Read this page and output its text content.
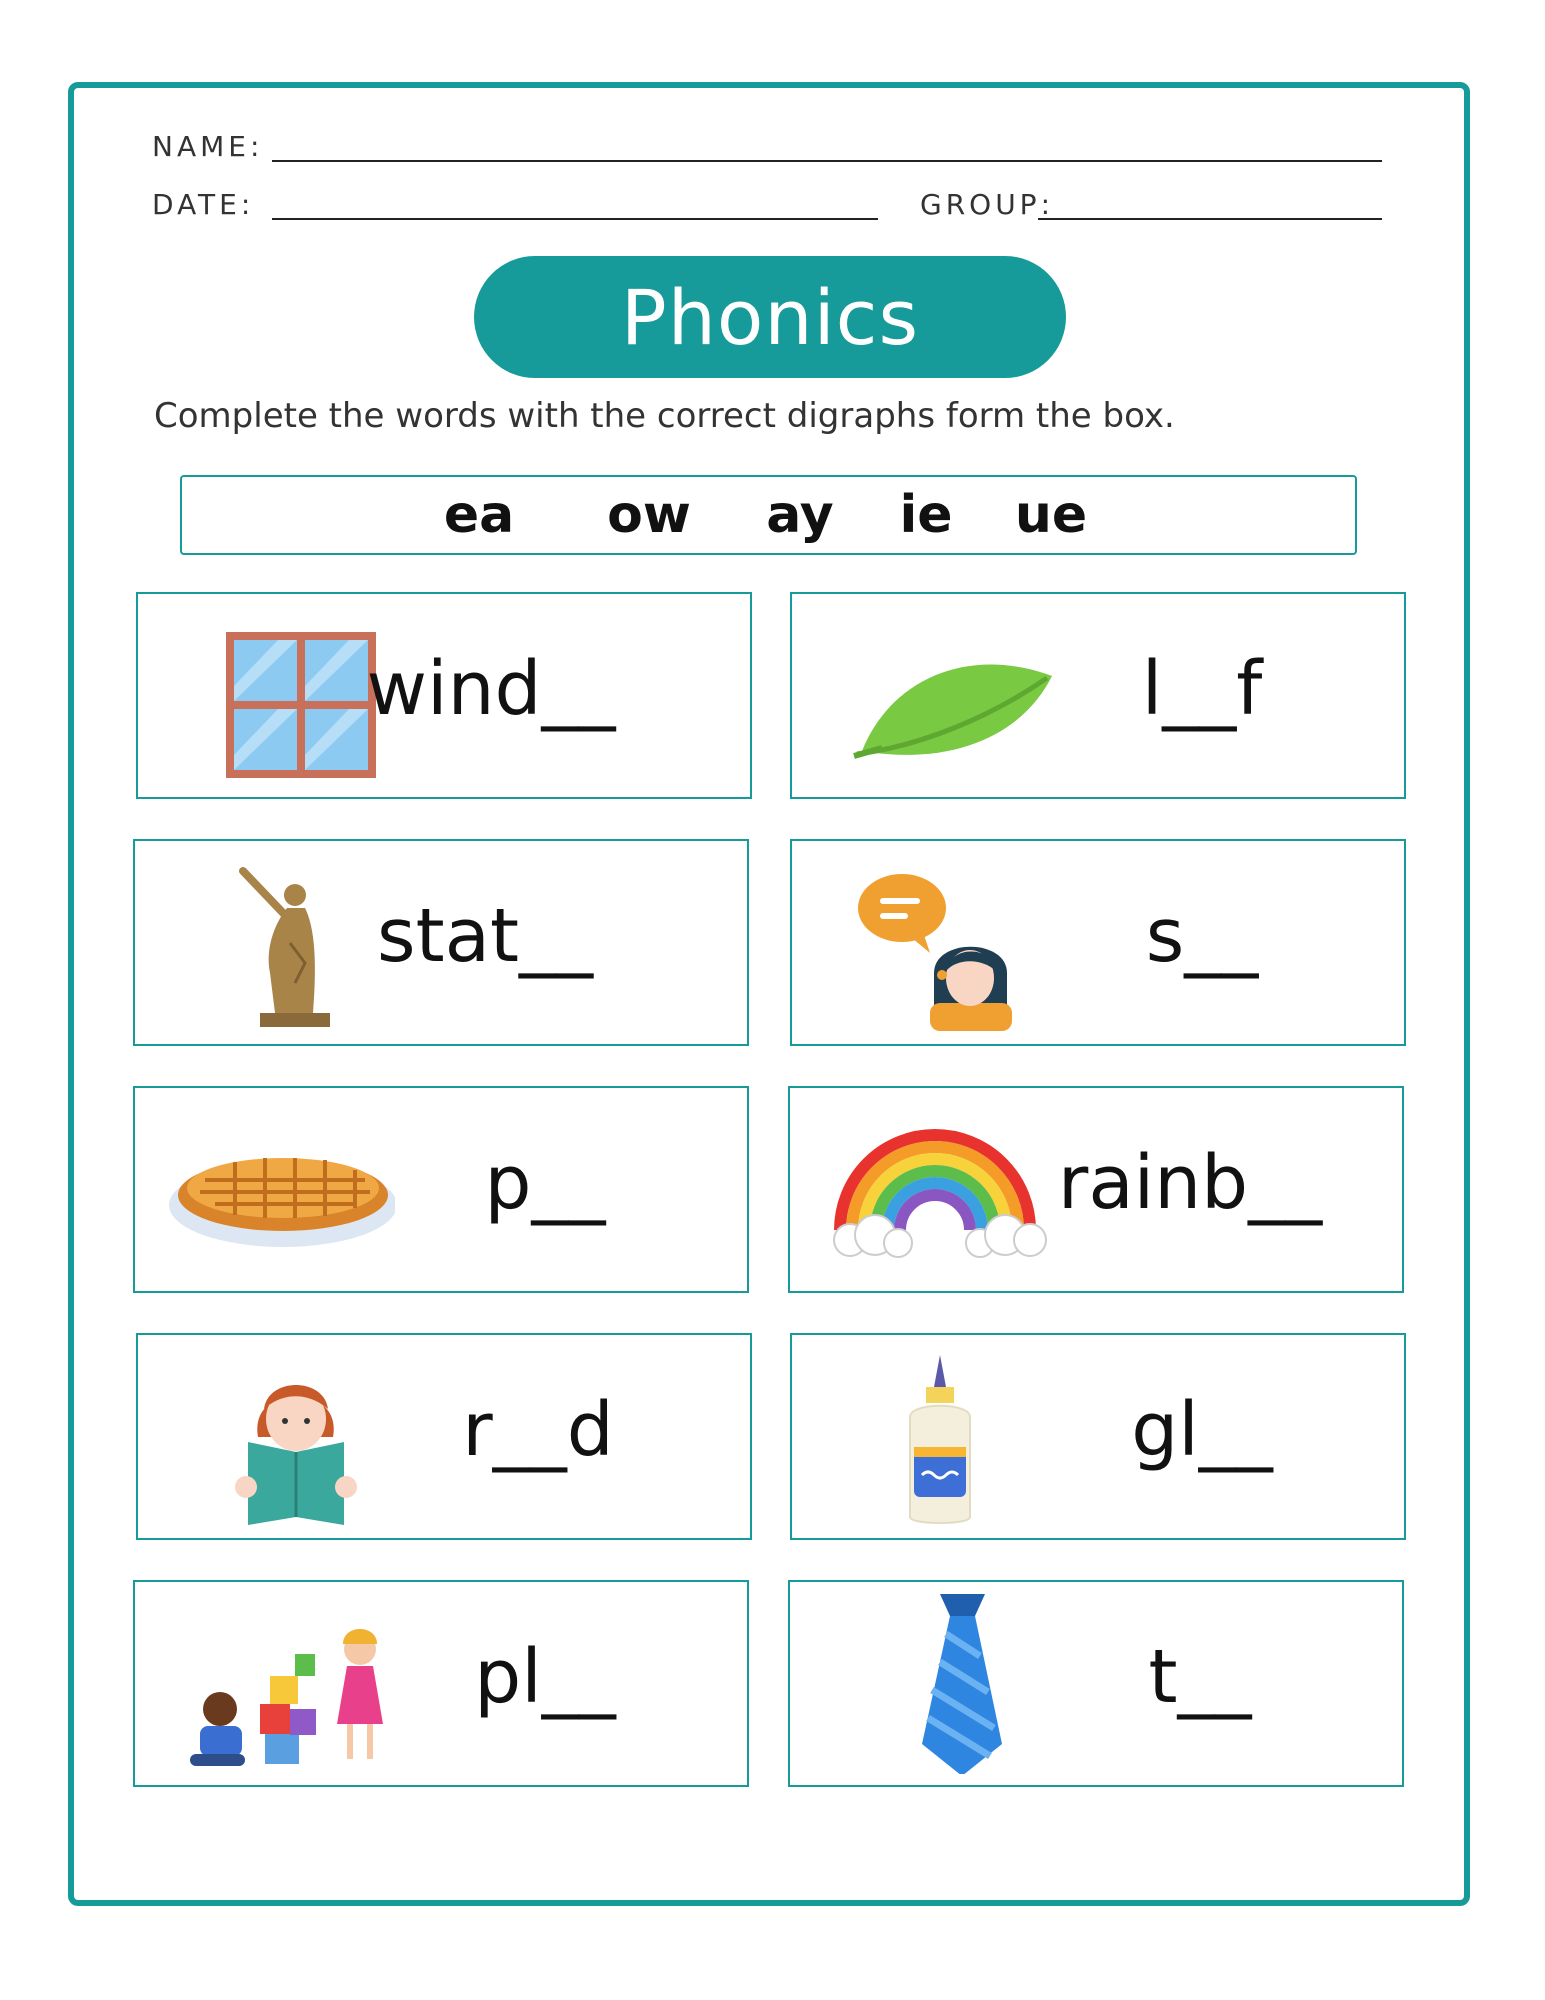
NAME:
DATE:	GROUP:
Phonics
Complete the words with the correct digraphs form the box.
ea ow ay ie ue
wind__	l__f
stat__	s__
p__	rainb__
r__d	gl__
pl__	t__
